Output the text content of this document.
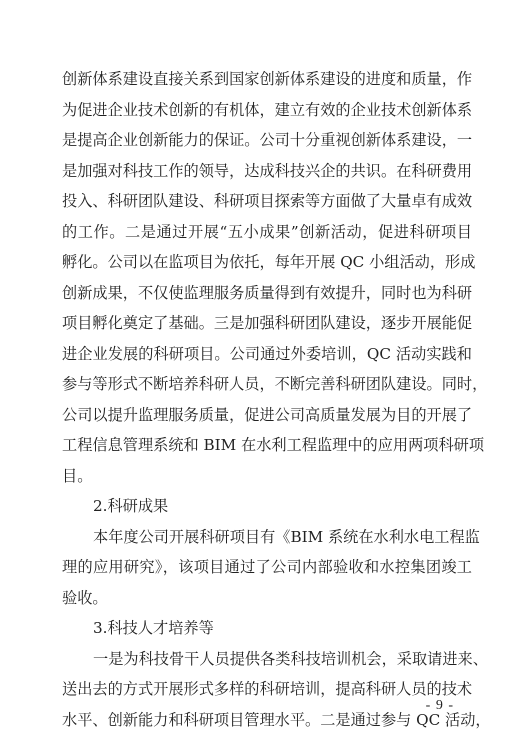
创新体系建设直接关系到国家创新体系建设的进度和质量，作
为促进企业技术创新的有机体，建立有效的企业技术创新体系
是提高企业创新能力的保证。公司十分重视创新体系建设，一
是加强对科技工作的领导，达成科技兴企的共识。在科研费用
投入、科研团队建设、科研项目探索等方面做了大量卓有成效
的工作。二是通过开展“五小成果”创新活动，促进科研项目
孵化。公司以在监项目为依托，每年开展 QC 小组活动，形成
创新成果，不仅使监理服务质量得到有效提升，同时也为科研
项目孵化奠定了基础。三是加强科研团队建设，逐步开展能促
进企业发展的科研项目。公司通过外委培训，QC 活动实践和
参与等形式不断培养科研人员，不断完善科研团队建设。同时，
公司以提升监理服务质量，促进公司高质量发展为目的开展了
工程信息管理系统和 BIM 在水利工程监理中的应用两项科研项
目。
2.科研成果
本年度公司开展科研项目有《BIM 系统在水利水电工程监
理的应用研究》，该项目通过了公司内部验收和水控集团竣工
验收。
3.科技人才培养等
一是为科技骨干人员提供各类科技培训机会，采取请进来、
送出去的方式开展形式多样的科研培训，提高科研人员的技术
水平、创新能力和科研项目管理水平。二是通过参与 QC 活动，
- 9 -
